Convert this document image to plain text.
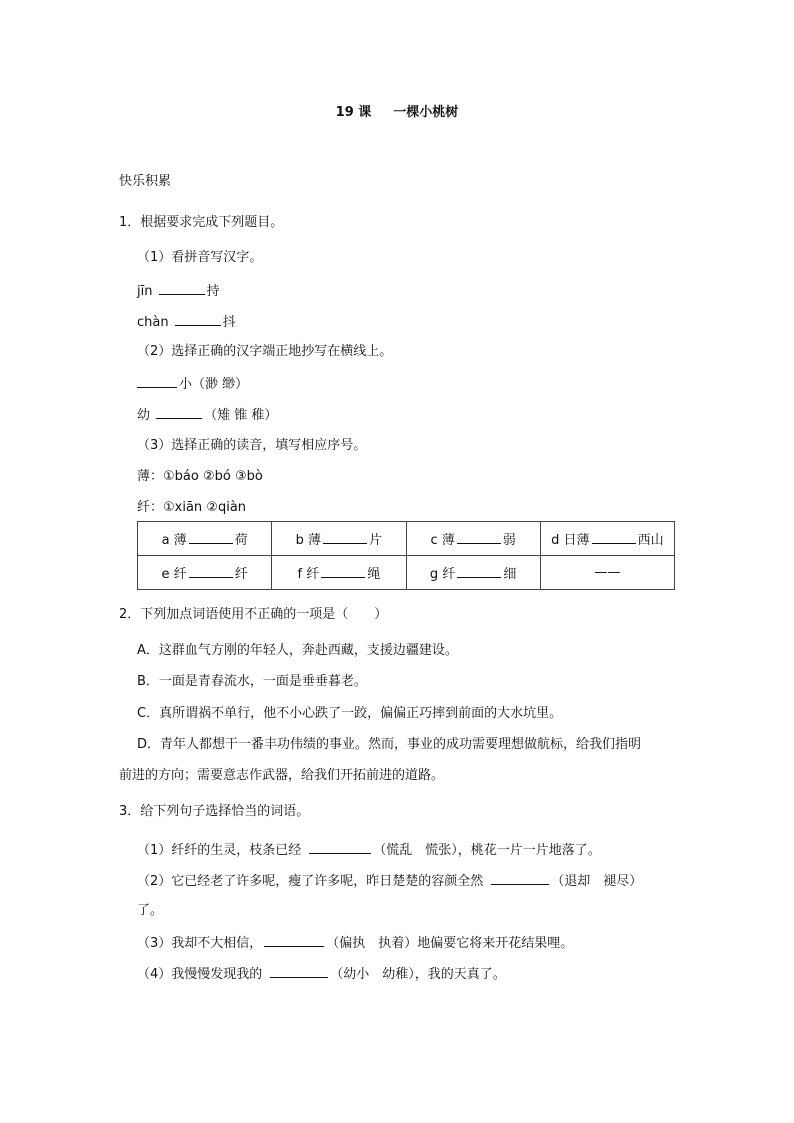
19 课 一棵小桃树
快乐积累
1．根据要求完成下列题目。
（1）看拼音写汉字。
jīn	持
chàn	抖
（2）选择正确的汉字端正地抄写在横线上。
小（渺 缈）
幼	（雉 锥 稚）
（3）选择正确的读音，填写相应序号。
薄：①báo ②bó ③bò
纤：①xiān ②qiàn
a 薄 荷	b 薄 片	c 薄 弱	d 日薄 西山
e 纤 纤	f 纤 绳	g 纤 细	——
2．下列加点词语使用不正确的一项是（　　）
A．这群血气方刚的年轻人，奔赴西藏，支援边疆建设。
B．一面是青春流水，一面是垂垂暮老。
C．真所谓祸不单行，他不小心跌了一跤，偏偏正巧摔到前面的大水坑里。
D．青年人都想干一番丰功伟绩的事业。然而，事业的成功需要理想做航标，给我们指明
前进的方向；需要意志作武器，给我们开拓前进的道路。
3．给下列句子选择恰当的词语。
（1）纤纤的生灵，枝条已经	（慌乱　慌张），桃花一片一片地落了。
（2）它已经老了许多呢，瘦了许多呢，昨日楚楚的容颜全然	（退却　褪尽）
了。
（3）我却不大相信，	（偏执　执着）地偏要它将来开花结果哩。
（4）我慢慢发现我的	（幼小　幼稚），我的天真了。
